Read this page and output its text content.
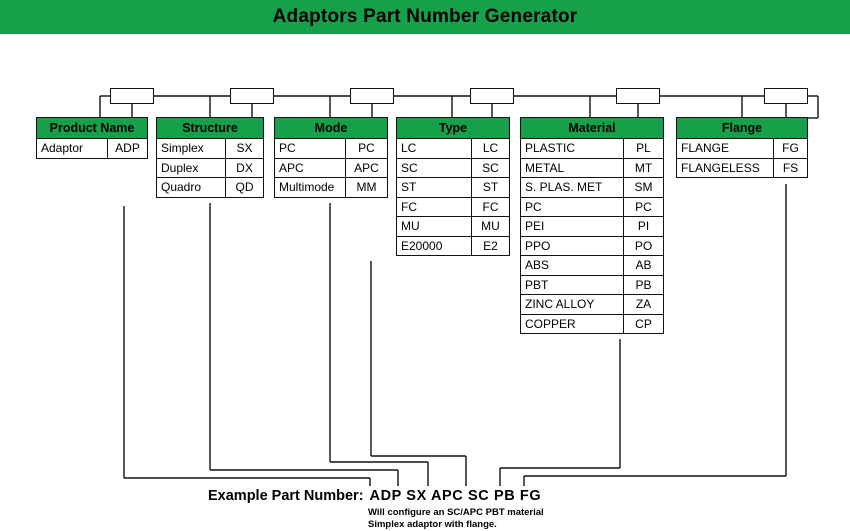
Adaptors Part Number Generator
Product Name
Adaptor	ADP
Structure
Simplex	SX
Duplex	DX
Quadro	QD
Mode
PC	PC
APC	APC
Multimode	MM
Type
LC	LC
SC	SC
ST	ST
FC	FC
MU	MU
E20000	E2
Material
PLASTIC	PL
METAL	MT
S. PLAS. MET	SM
PC	PC
PEI	PI
PPO	PO
ABS	AB
PBT	PB
ZINC ALLOY	ZA
COPPER	CP
Flange
FLANGE	FG
FLANGELESS	FS
Example Part Number: ADP SX APC SC PB FG
Will configure an SC/APC PBT material
Simplex adaptor with flange.
